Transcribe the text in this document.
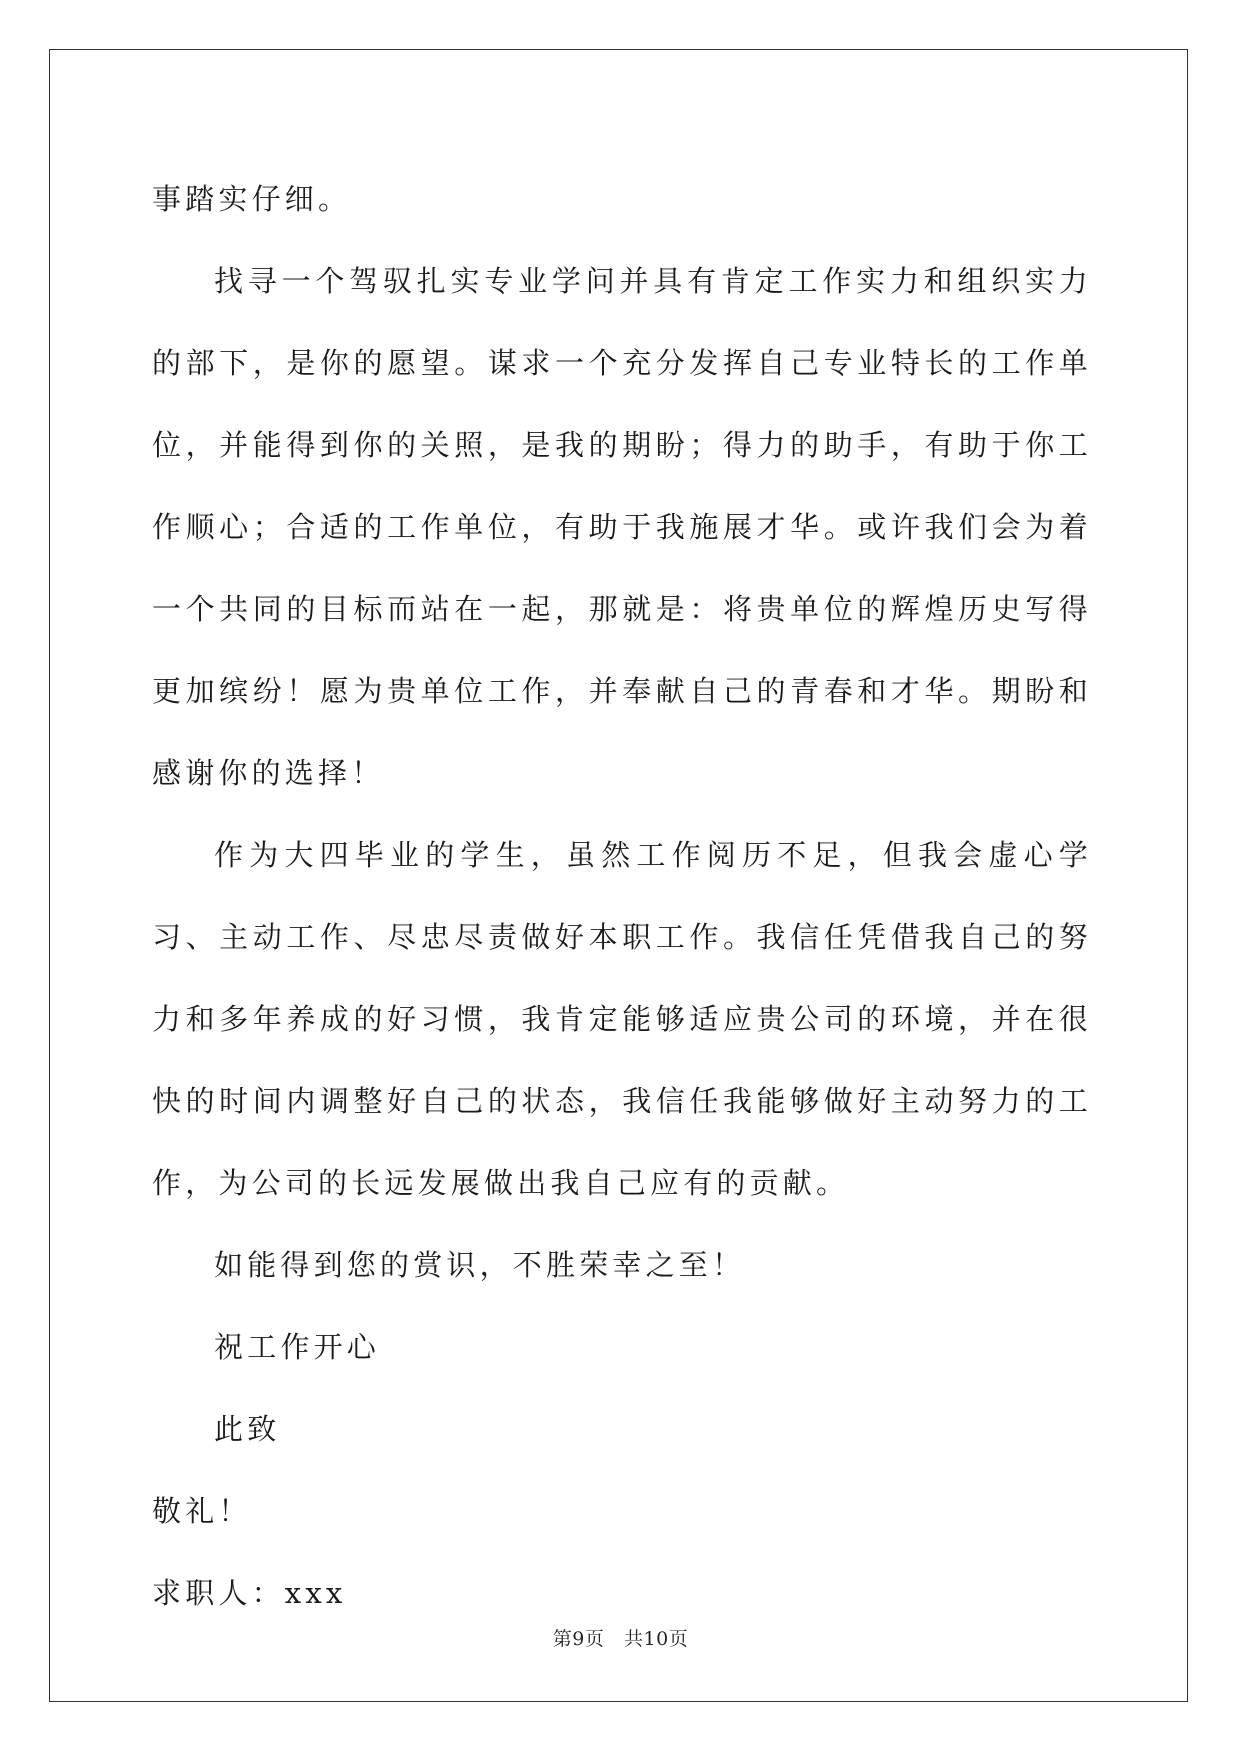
事踏实仔细。

找寻一个驾驭扎实专业学问并具有肯定工作实力和组织实力的部下，是你的愿望。谋求一个充分发挥自己专业特长的工作单位，并能得到你的关照，是我的期盼；得力的助手，有助于你工作顺心；合适的工作单位，有助于我施展才华。或许我们会为着一个共同的目标而站在一起，那就是：将贵单位的辉煌历史写得更加缤纷！愿为贵单位工作，并奉献自己的青春和才华。期盼和感谢你的选择！

作为大四毕业的学生，虽然工作阅历不足，但我会虚心学习、主动工作、尽忠尽责做好本职工作。我信任凭借我自己的努力和多年养成的好习惯，我肯定能够适应贵公司的环境，并在很快的时间内调整好自己的状态，我信任我能够做好主动努力的工作，为公司的长远发展做出我自己应有的贡献。

如能得到您的赏识，不胜荣幸之至！

祝工作开心

此致

敬礼！

求职人：xxx

第9页 共10页
